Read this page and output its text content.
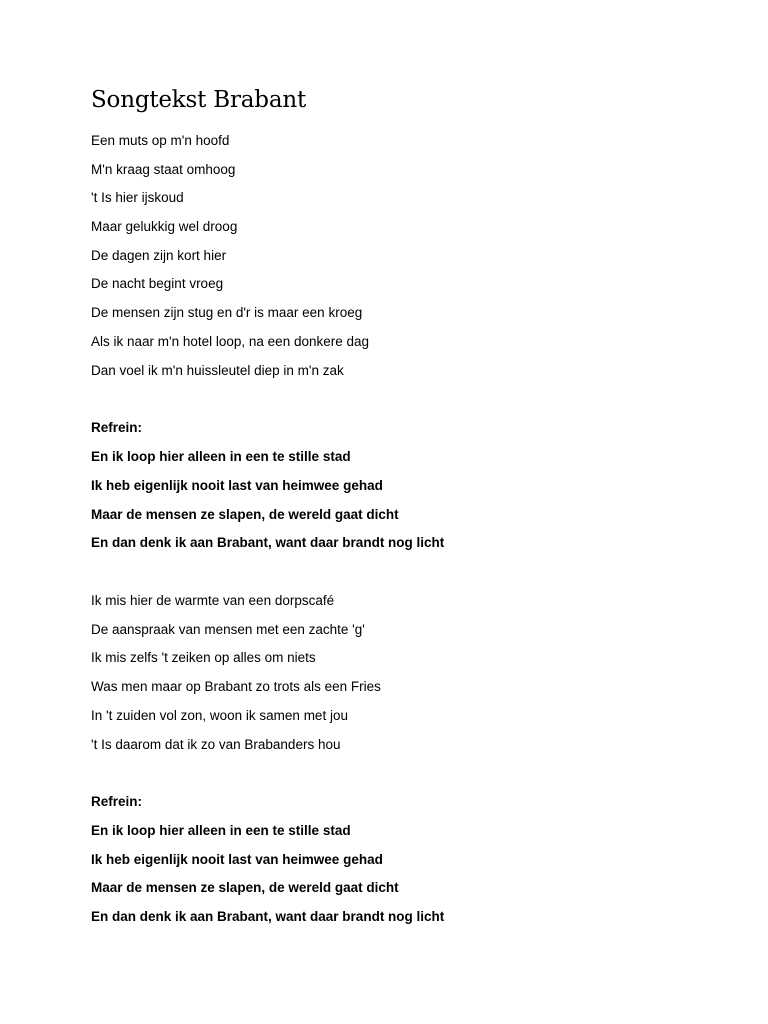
Songtekst Brabant

Een muts op m'n hoofd

M'n kraag staat omhoog

't Is hier ijskoud

Maar gelukkig wel droog

De dagen zijn kort hier

De nacht begint vroeg

De mensen zijn stug en d'r is maar een kroeg

Als ik naar m'n hotel loop, na een donkere dag

Dan voel ik m'n huissleutel diep in m'n zak

Refrein:

En ik loop hier alleen in een te stille stad

Ik heb eigenlijk nooit last van heimwee gehad

Maar de mensen ze slapen, de wereld gaat dicht

En dan denk ik aan Brabant, want daar brandt nog licht

Ik mis hier de warmte van een dorpscafé

De aanspraak van mensen met een zachte 'g'

Ik mis zelfs 't zeiken op alles om niets

Was men maar op Brabant zo trots als een Fries

In 't zuiden vol zon, woon ik samen met jou

't Is daarom dat ik zo van Brabanders hou

Refrein:

En ik loop hier alleen in een te stille stad

Ik heb eigenlijk nooit last van heimwee gehad

Maar de mensen ze slapen, de wereld gaat dicht

En dan denk ik aan Brabant, want daar brandt nog licht
